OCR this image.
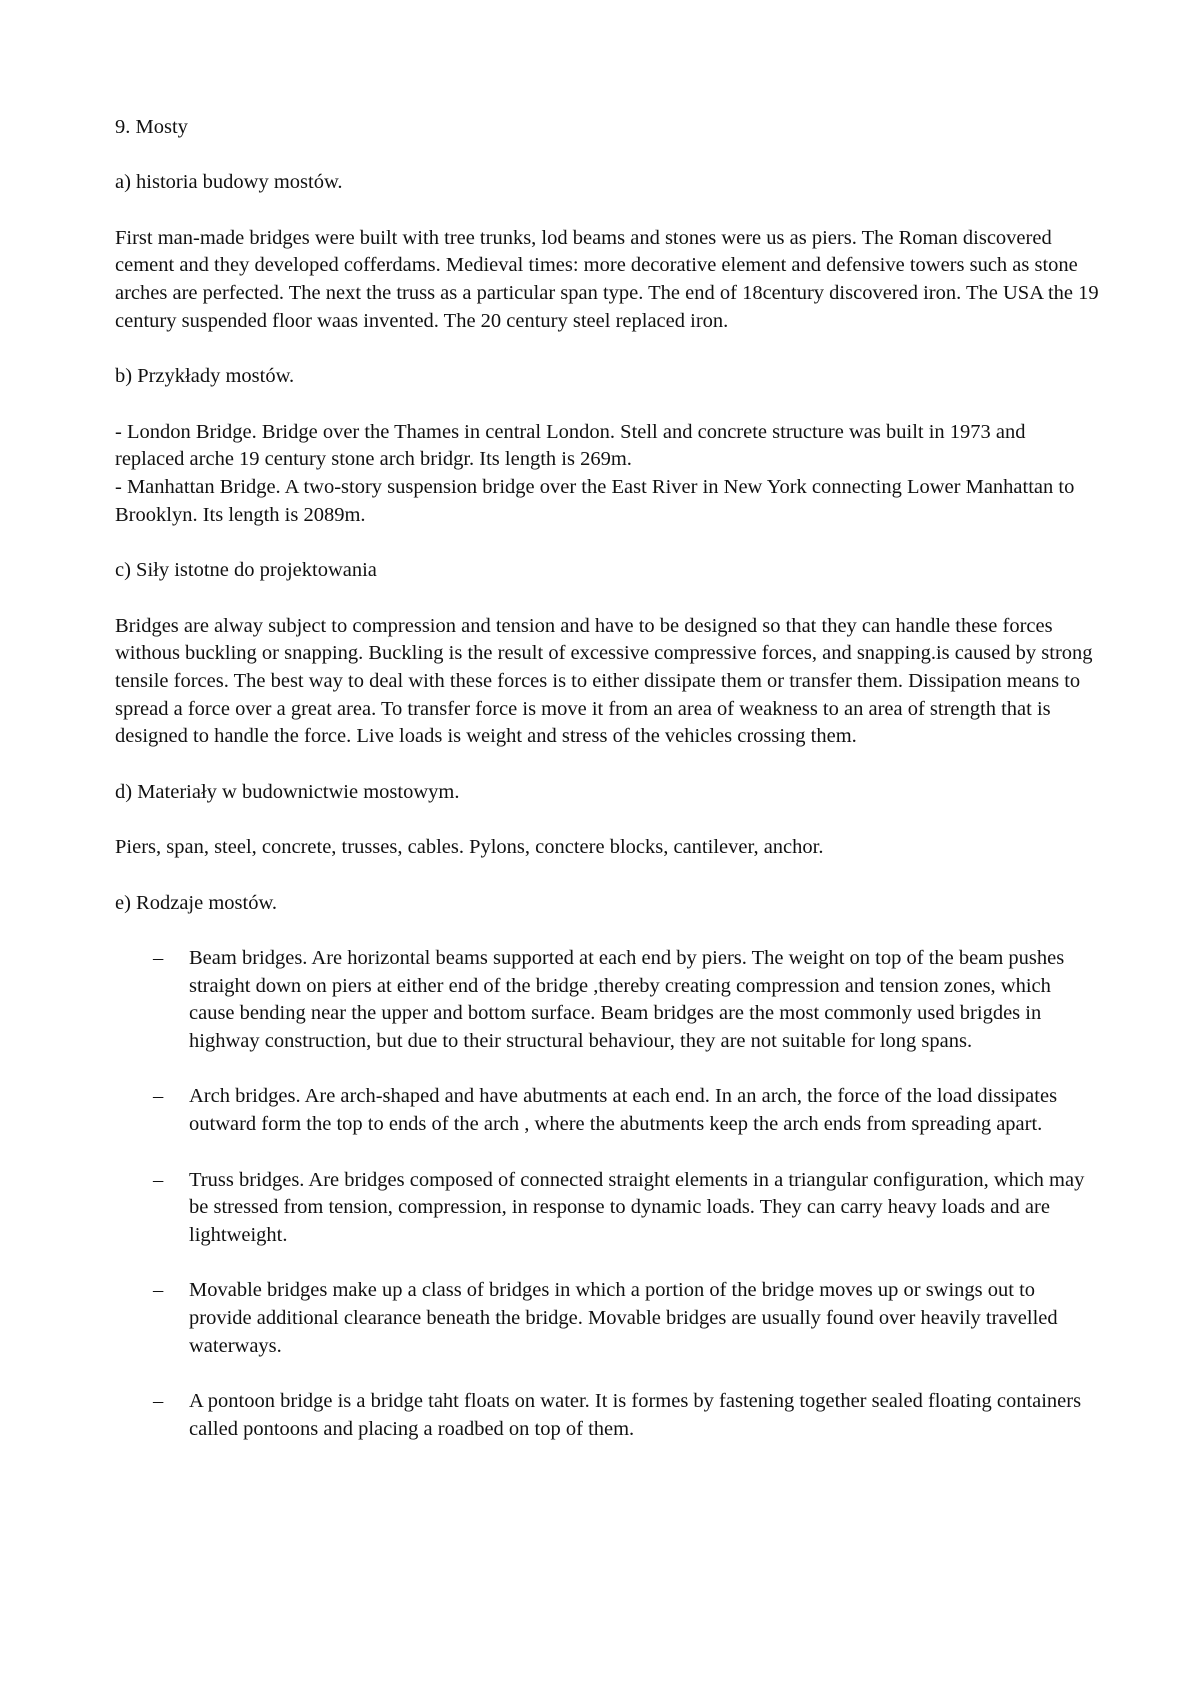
9. Mosty

a) historia budowy mostów.

First man-made bridges were built with tree trunks, lod beams and stones were us as piers. The Roman discovered cement and they developed cofferdams. Medieval times: more decorative element and defensive towers such as stone arches are perfected. The next the truss as a particular span type. The end of 18century discovered iron. The USA the 19 century suspended floor waas invented. The 20 century steel replaced iron.

b) Przykłady mostów.

- London Bridge. Bridge over the Thames in central London. Stell and concrete structure was built in 1973 and replaced arche 19 century stone arch bridgr. Its length is 269m.

- Manhattan Bridge. A two-story suspension bridge over the East River in New York connecting Lower Manhattan to Brooklyn. Its length is 2089m.

c) Siły istotne do projektowania

Bridges are alway subject to compression and tension and have to be designed so that they can handle these forces withous buckling or snapping. Buckling is the result of excessive compressive forces, and snapping.is caused by strong tensile forces. The best way to deal with these forces is to either dissipate them or transfer them. Dissipation means to spread a force over a great area. To transfer force is move it from an area of weakness to an area of strength that is designed to handle the force. Live loads is weight and stress of the vehicles crossing them.

d) Materiały w budownictwie mostowym.

Piers, span, steel, concrete, trusses, cables. Pylons, conctere blocks, cantilever, anchor.

e) Rodzaje mostów.

– Beam bridges. Are horizontal beams supported at each end by piers. The weight on top of the beam pushes straight down on piers at either end of the bridge ,thereby creating compression and tension zones, which cause bending near the upper and bottom surface. Beam bridges are the most commonly used brigdes in highway construction, but due to their structural behaviour, they are not suitable for long spans.
– Arch bridges. Are arch-shaped and have abutments at each end. In an arch, the force of the load dissipates outward form the top to ends of the arch , where the abutments keep the arch ends from spreading apart.
– Truss bridges. Are bridges composed of connected straight elements in a triangular configuration, which may be stressed from tension, compression, in response to dynamic loads. They can carry heavy loads and are lightweight.
– Movable bridges make up a class of bridges in which a portion of the bridge moves up or swings out to provide additional clearance beneath the bridge. Movable bridges are usually found over heavily travelled waterways.
– A pontoon bridge is a bridge taht floats on water. It is formes by fastening together sealed floating containers called pontoons and placing a roadbed on top of them.
